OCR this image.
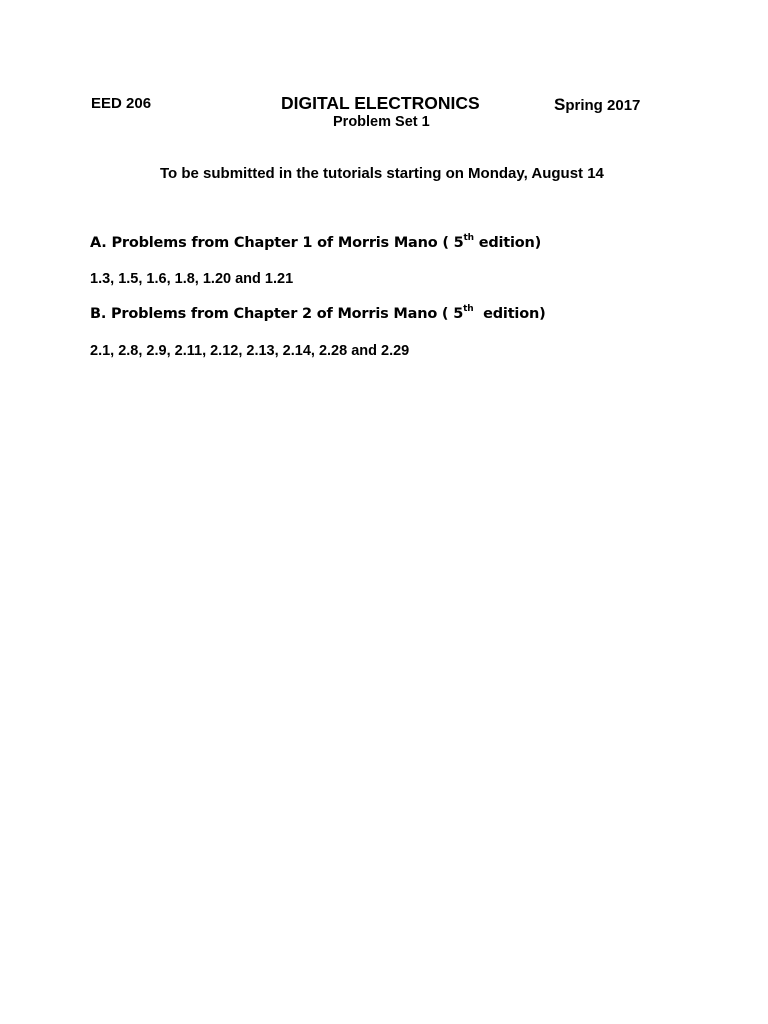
EED 206	DIGITAL ELECTRONICS	Spring 2017
Problem Set 1
To be submitted in the tutorials starting on Monday, August 14
A. Problems from Chapter 1 of Morris Mano ( 5th edition)
1.3, 1.5, 1.6, 1.8, 1.20 and 1.21
B. Problems from Chapter 2 of Morris Mano ( 5th  edition)
2.1, 2.8, 2.9, 2.11, 2.12, 2.13, 2.14, 2.28 and 2.29
